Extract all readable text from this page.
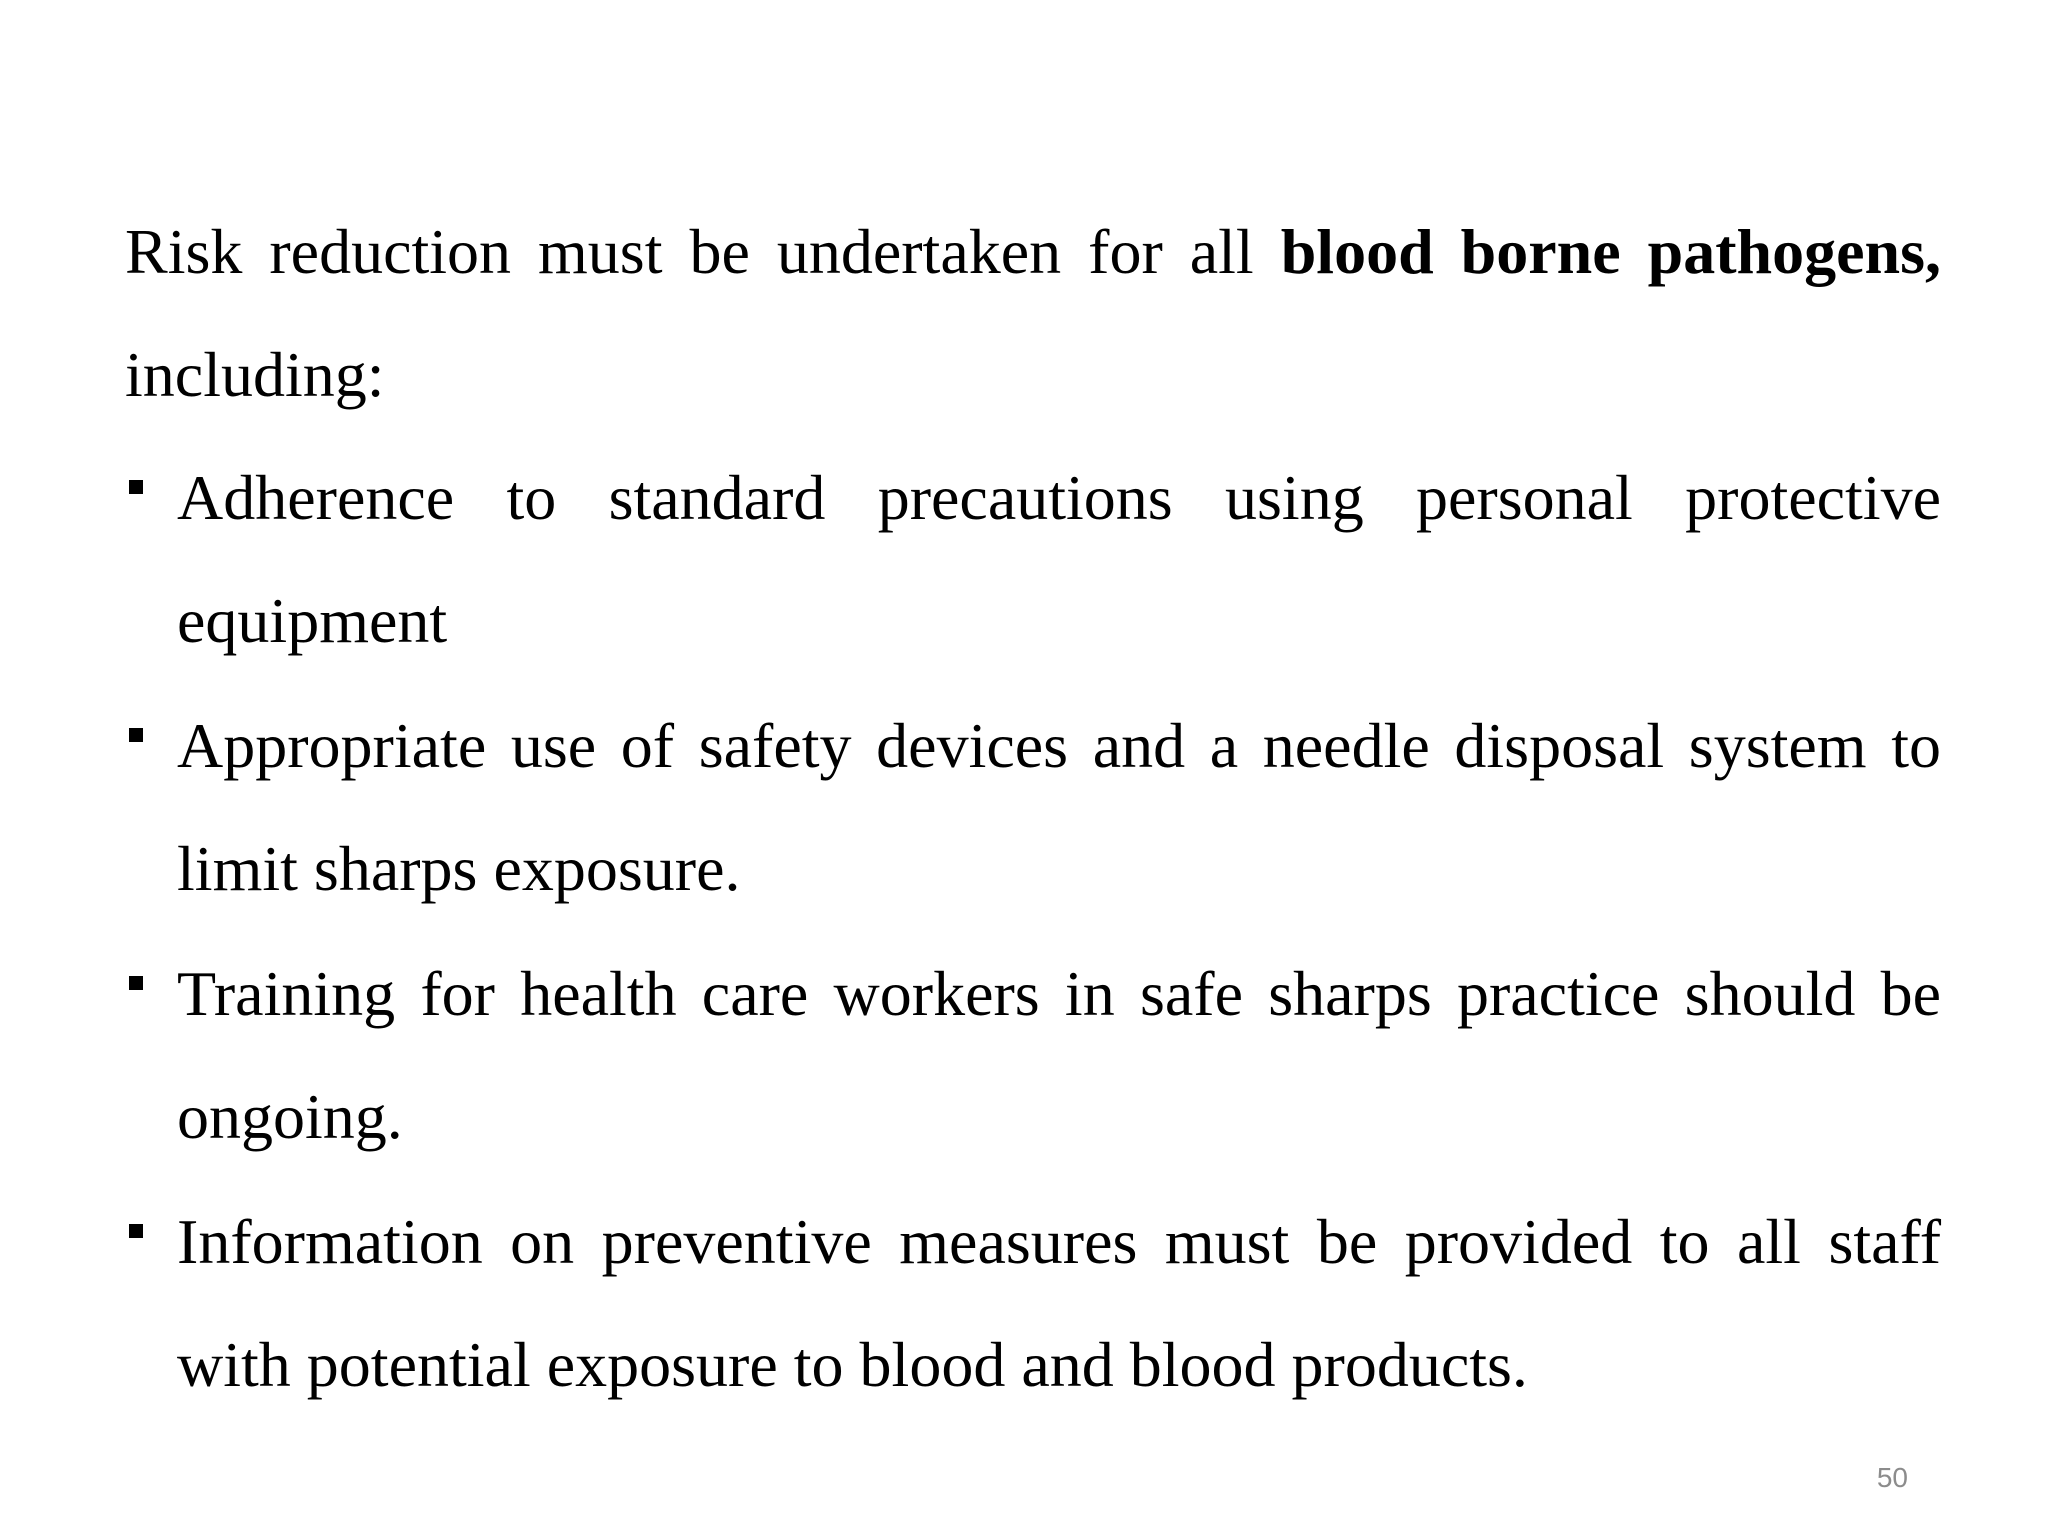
Risk reduction must be undertaken for all blood borne pathogens, including:

Adherence to standard precautions using personal protective equipment
Appropriate use of safety devices and a needle disposal system to limit sharps exposure.
Training for health care workers in safe sharps practice should be ongoing.
Information on preventive measures must be provided to all staff with potential exposure to blood and blood products.
50
